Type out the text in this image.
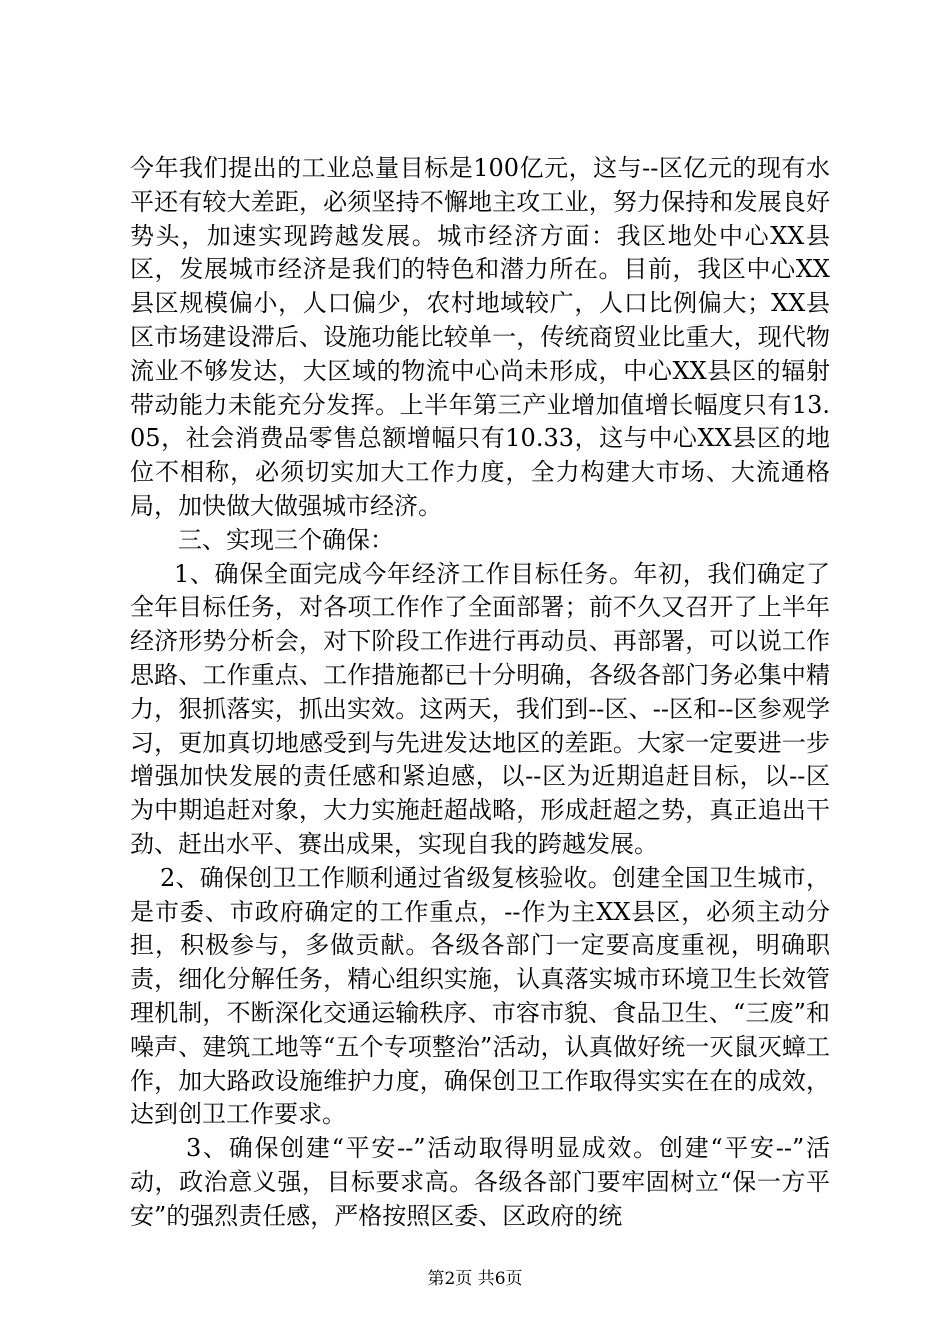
今年我们提出的工业总量目标是100亿元，这与--区亿元的现有水平还有较大差距，必须坚持不懈地主攻工业，努力保持和发展良好势头，加速实现跨越发展。城市经济方面：我区地处中心XX县区，发展城市经济是我们的特色和潜力所在。目前，我区中心XX县区规模偏小，人口偏少，农村地域较广，人口比例偏大；XX县区市场建设滞后、设施功能比较单一，传统商贸业比重大，现代物流业不够发达，大区域的物流中心尚未形成，中心XX县区的辐射带动能力未能充分发挥。上半年第三产业增加值增长幅度只有13.05，社会消费品零售总额增幅只有10.33，这与中心XX县区的地位不相称，必须切实加大工作力度，全力构建大市场、大流通格局，加快做大做强城市经济。

三、实现三个确保：

1、确保全面完成今年经济工作目标任务。年初，我们确定了全年目标任务，对各项工作作了全面部署；前不久又召开了上半年经济形势分析会，对下阶段工作进行再动员、再部署，可以说工作思路、工作重点、工作措施都已十分明确，各级各部门务必集中精力，狠抓落实，抓出实效。这两天，我们到--区、--区和--区参观学习，更加真切地感受到与先进发达地区的差距。大家一定要进一步增强加快发展的责任感和紧迫感，以--区为近期追赶目标，以--区为中期追赶对象，大力实施赶超战略，形成赶超之势，真正追出干劲、赶出水平、赛出成果，实现自我的跨越发展。

2、确保创卫工作顺利通过省级复核验收。创建全国卫生城市，是市委、市政府确定的工作重点，--作为主XX县区，必须主动分担，积极参与，多做贡献。各级各部门一定要高度重视，明确职责，细化分解任务，精心组织实施，认真落实城市环境卫生长效管理机制，不断深化交通运输秩序、市容市貌、食品卫生、“三废”和噪声、建筑工地等“五个专项整治”活动，认真做好统一灭鼠灭蟑工作，加大路政设施维护力度，确保创卫工作取得实实在在的成效，达到创卫工作要求。

3、确保创建“平安--”活动取得明显成效。创建“平安--”活动，政治意义强，目标要求高。各级各部门要牢固树立“保一方平安”的强烈责任感，严格按照区委、区政府的统

第2页 共6页
